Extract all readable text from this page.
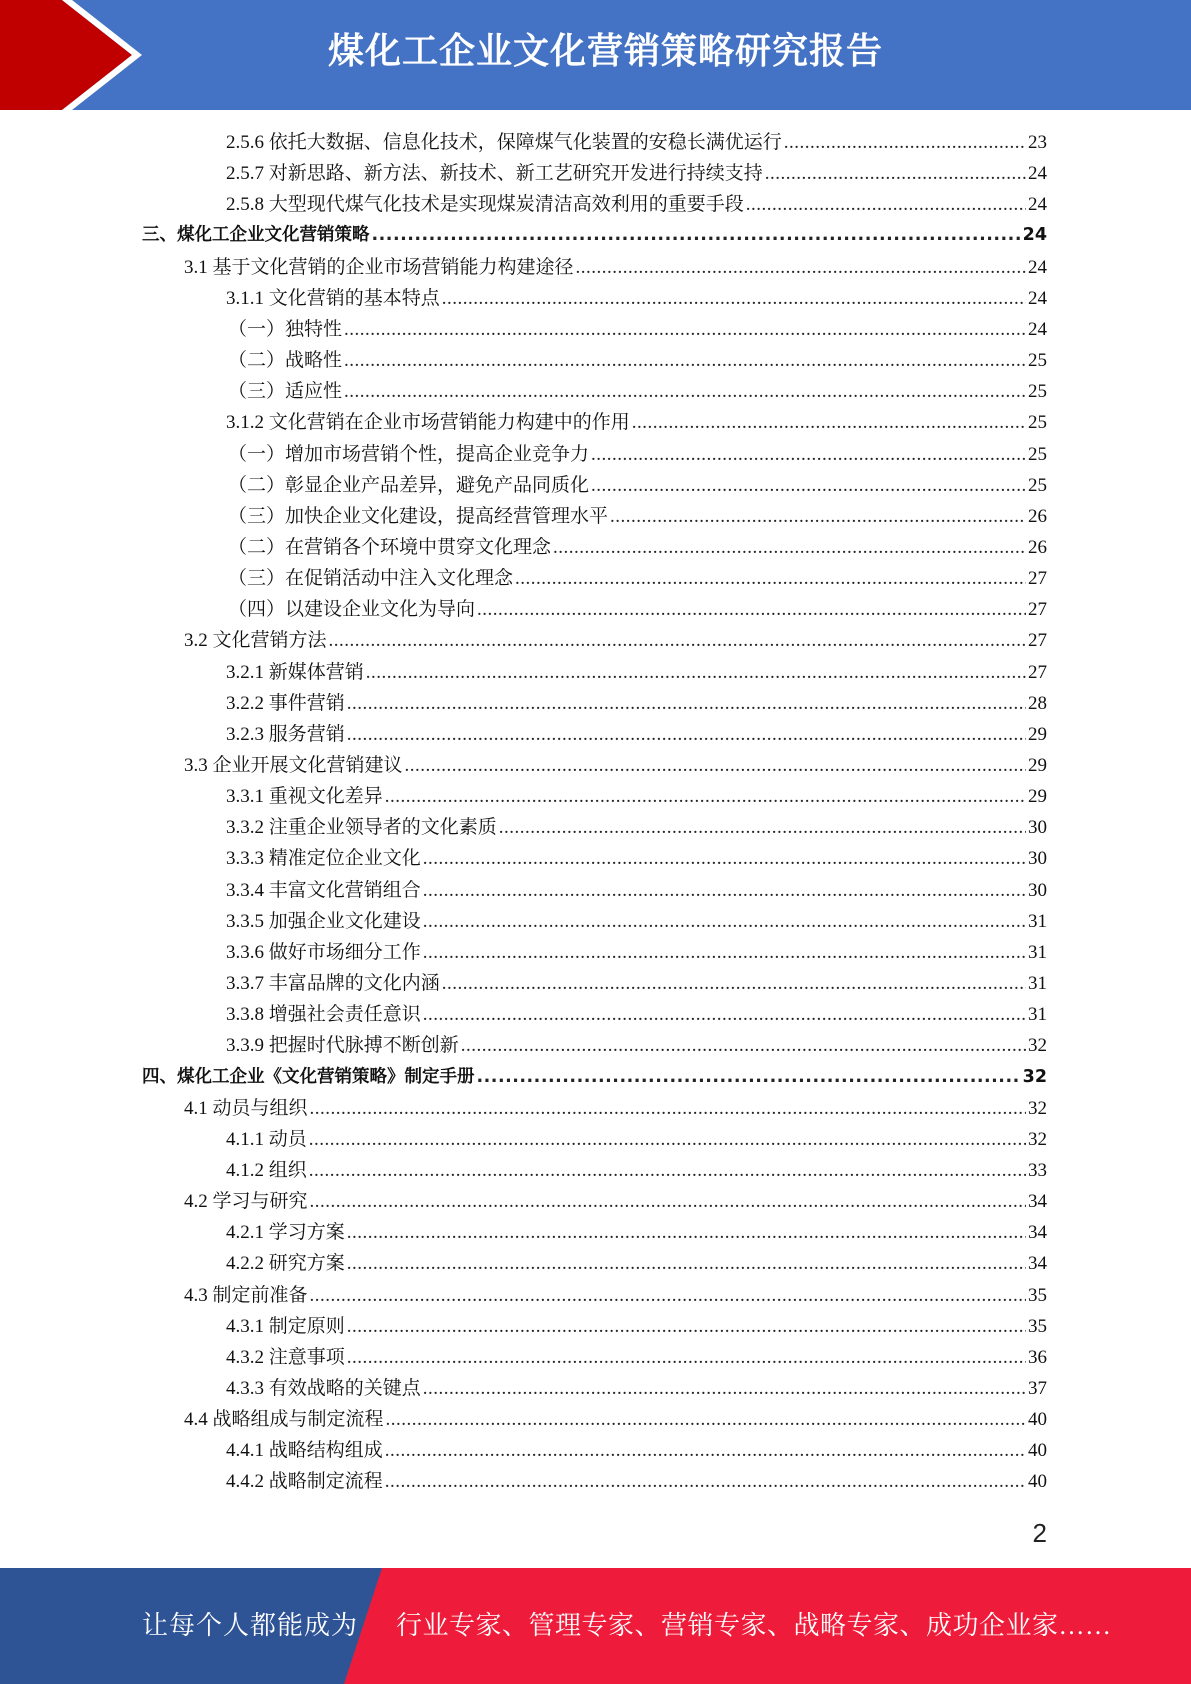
煤化工企业文化营销策略研究报告
2.5.6 依托大数据、信息化技术，保障煤气化装置的安稳长满优运行 .....	23
2.5.7 对新思路、新方法、新技术、新工艺研究开发进行持续支持 .....	24
2.5.8 大型现代煤气化技术是实现煤炭清洁高效利用的重要手段 .....	24
三、煤化工企业文化营销策略 .....	24
3.1 基于文化营销的企业市场营销能力构建途径 .....	24
3.1.1 文化营销的基本特点 .....	24
（一）独特性 .....	24
（二）战略性 .....	25
（三）适应性 .....	25
3.1.2 文化营销在企业市场营销能力构建中的作用 .....	25
（一）增加市场营销个性，提高企业竞争力 .....	25
（二）彰显企业产品差异，避免产品同质化 .....	25
（三）加快企业文化建设，提高经营管理水平 .....	26
（二）在营销各个环境中贯穿文化理念 .....	26
（三）在促销活动中注入文化理念 .....	27
（四）以建设企业文化为导向 .....	27
3.2 文化营销方法 .....	27
3.2.1 新媒体营销 .....	27
3.2.2 事件营销 .....	28
3.2.3 服务营销 .....	29
3.3 企业开展文化营销建议 .....	29
3.3.1 重视文化差异 .....	29
3.3.2 注重企业领导者的文化素质 .....	30
3.3.3 精准定位企业文化 .....	30
3.3.4 丰富文化营销组合 .....	30
3.3.5 加强企业文化建设 .....	31
3.3.6 做好市场细分工作 .....	31
3.3.7 丰富品牌的文化内涵 .....	31
3.3.8 增强社会责任意识 .....	31
3.3.9 把握时代脉搏不断创新 .....	32
四、煤化工企业《文化营销策略》制定手册 .....	32
4.1 动员与组织 .....	32
4.1.1 动员 .....	32
4.1.2 组织 .....	33
4.2 学习与研究 .....	34
4.2.1 学习方案 .....	34
4.2.2 研究方案 .....	34
4.3 制定前准备 .....	35
4.3.1 制定原则 .....	35
4.3.2 注意事项 .....	36
4.3.3 有效战略的关键点 .....	37
4.4 战略组成与制定流程 .....	40
4.4.1 战略结构组成 .....	40
4.4.2 战略制定流程 .....	40
2
让每个人都能成为 行业专家、管理专家、营销专家、战略专家、成功企业家……
